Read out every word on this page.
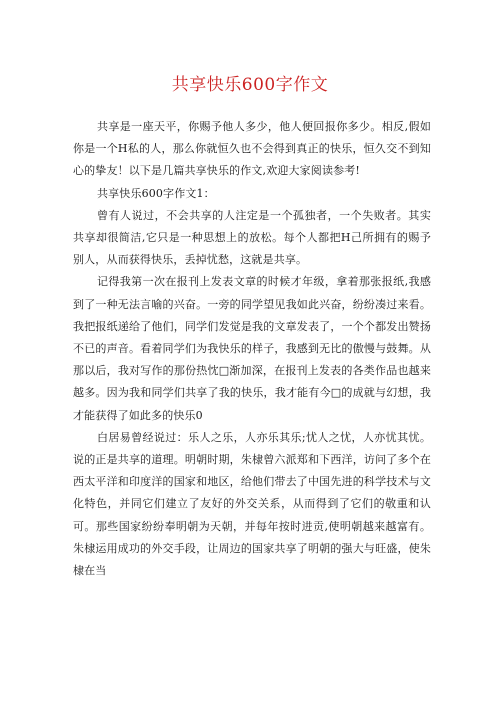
共享快乐600字作文

共享是一座天平，你赐予他人多少，他人便回报你多少。相反,假如你是一个H私的人，那么你就恒久也不会得到真正的快乐，恒久交不到知心的挚友！以下是几篇共享快乐的作文,欢迎大家阅读参考!

共享快乐600字作文1：

曾有人说过，不会共享的人注定是一个孤独者，一个失败者。其实共享却很简洁,它只是一种思想上的放松。每个人都把H己所拥有的赐予别人，从而获得快乐，丢掉忧愁，这就是共享。

记得我第一次在报刊上发表文章的时候才年级，拿着那张报纸,我感到了一种无法言喻的兴奋。一旁的同学望见我如此兴奋，纷纷凑过来看。我把报纸递给了他们，同学们发觉是我的文章发表了，一个个都发出赞扬不已的声音。看着同学们为我快乐的样子，我感到无比的傲慢与鼓舞。从那以后，我对写作的那份热忱□渐加深，在报刊上发表的各类作品也越来越多。因为我和同学们共享了我的快乐，我才能有今□的成就与幻想，我才能获得了如此多的快乐0

白居易曾经说过：乐人之乐，人亦乐其乐;忧人之忧，人亦忧其忧。说的正是共享的道理。明朝时期，朱棣曾六派郑和下西洋，访问了多个在西太平洋和印度洋的国家和地区，给他们带去了中国先进的科学技术与文化特色，并同它们建立了友好的外交关系，从而得到了它们的敬重和认可。那些国家纷纷奉明朝为天朝，并每年按时进贡,使明朝越来越富有。朱棣运用成功的外交手段，让周边的国家共享了明朝的强大与旺盛，使朱棣在当
